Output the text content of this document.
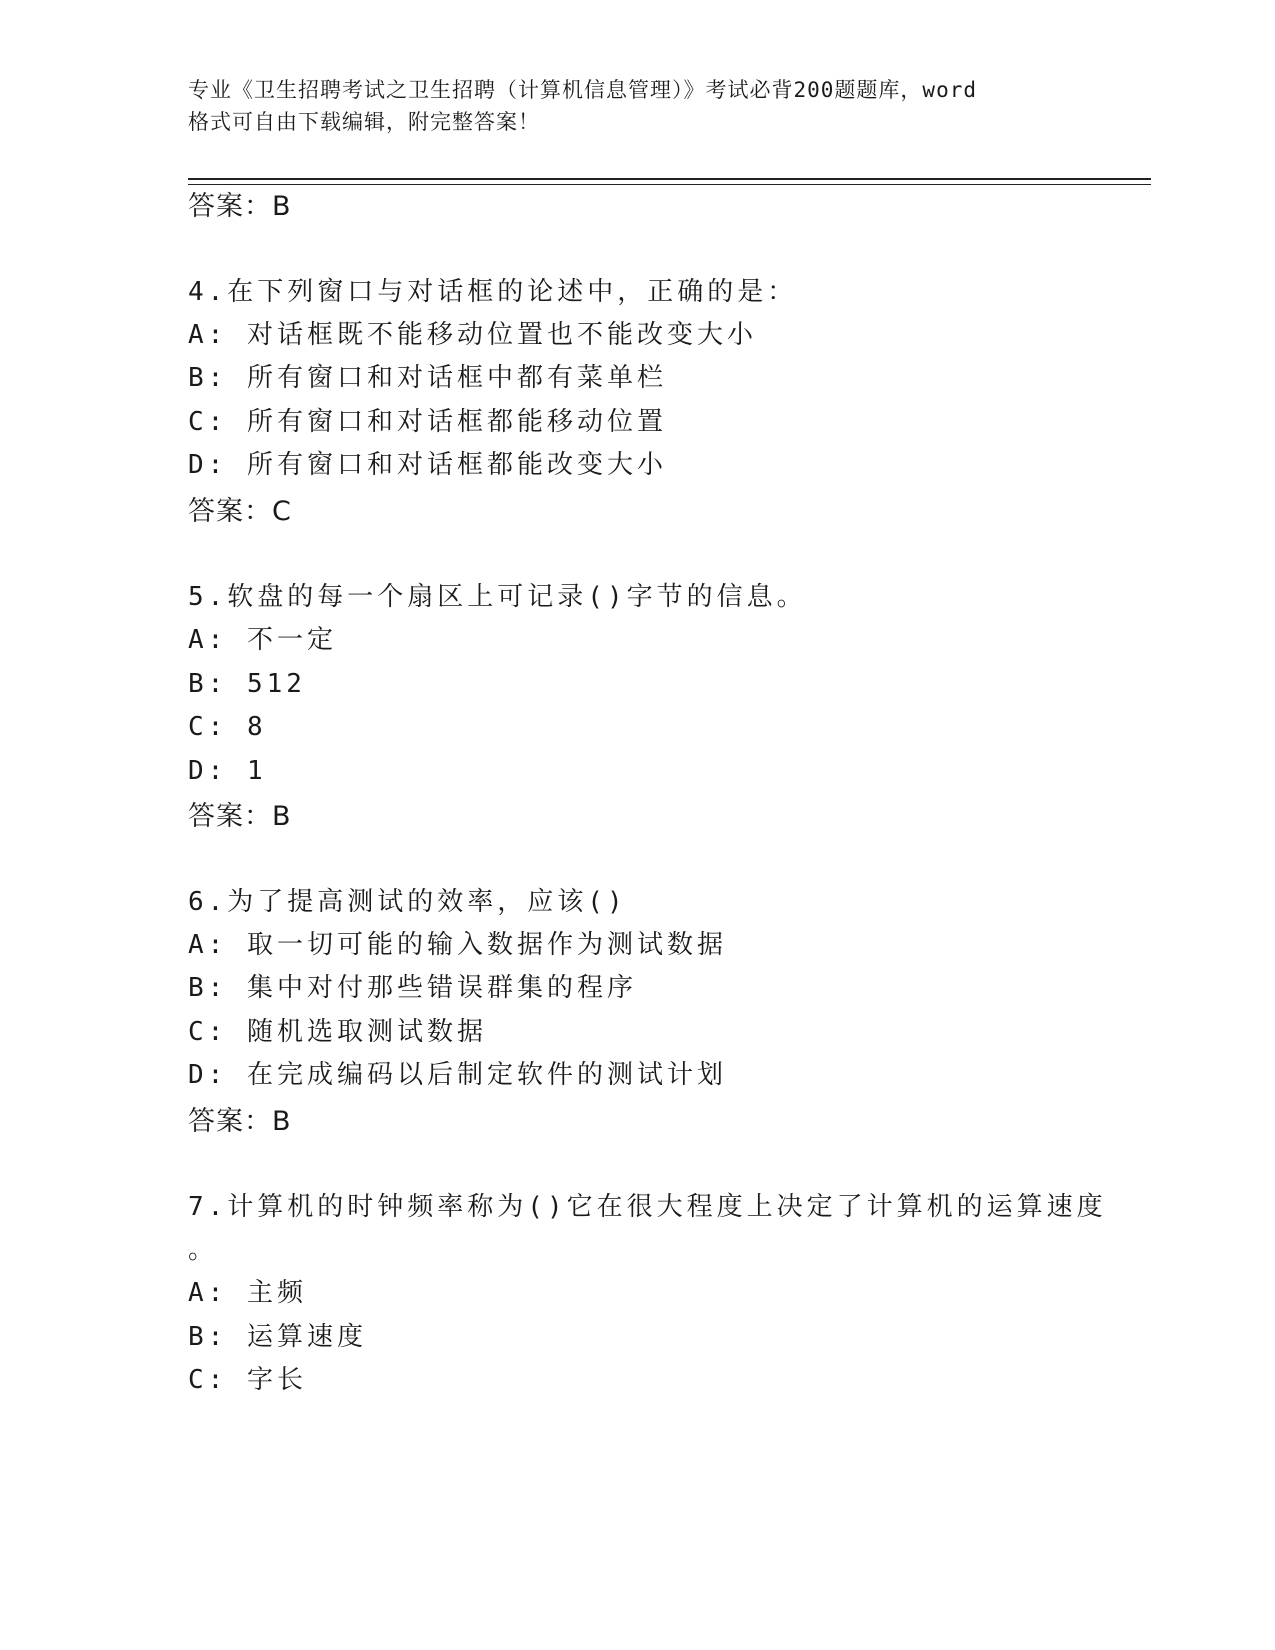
专业《卫生招聘考试之卫生招聘（计算机信息管理）》考试必背200题题库，word
格式可自由下载编辑，附完整答案！
答案：B
4.在下列窗口与对话框的论述中，正确的是：
A: 对话框既不能移动位置也不能改变大小
B: 所有窗口和对话框中都有菜单栏
C: 所有窗口和对话框都能移动位置
D: 所有窗口和对话框都能改变大小
答案：C
5.软盘的每一个扇区上可记录()字节的信息。
A: 不一定
B: 512
C: 8
D: 1
答案：B
6.为了提高测试的效率，应该()
A: 取一切可能的输入数据作为测试数据
B: 集中对付那些错误群集的程序
C: 随机选取测试数据
D: 在完成编码以后制定软件的测试计划
答案：B
7.计算机的时钟频率称为()它在很大程度上决定了计算机的运算速度
。
A: 主频
B: 运算速度
C: 字长
